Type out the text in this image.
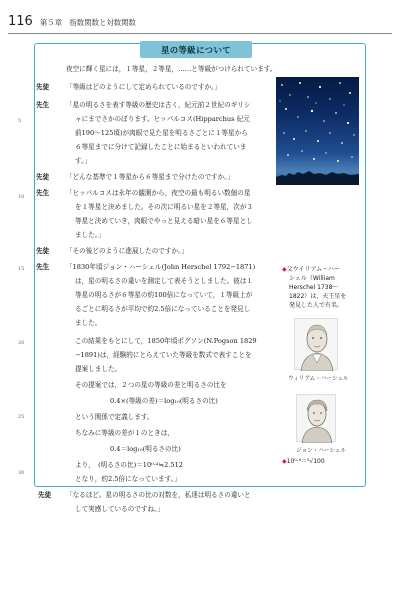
116 第５章　指数関数と対数関数
5
10
15
20
25
30
星の等級について
夜空に輝く星には，１等星，２等星，……と等級がつけられています。
先徒	「等級はどのようにして定められているのですか。」
先生	「星の明るさを表す等級の歴史は古く，紀元前２世紀のギリシ
ャにまでさかのぼります。ヒッパルコス(Hipparchus 紀元
前190〜125頃)が肉眼で見た星を明るさごとに１等星から
６等星までに分けて記録したことに始まるといわれていま
す。」
先徒	「どんな基準で１等星から６等星まで分けたのですか。」
先生	「ヒッパルコスは永年の観測から，夜空の最も明るい数個の星
を１等星と決めました。その次に明るい星を２等星，次が３
等星と決めていき，肉眼でやっと見える暗い星を６等星とし
ました。」
先徒	「その後どのように進展したのですか。」
先生	「1830年頃ジョン・ハーシェル(John Herschel 1792−1871)
は，星の明るさの違いを測定して表そうとしました。彼は１
等星の明るさが６等星の約100倍になっていて，１等級上が
るごとに明るさが平均で約2.5倍になっていることを発見し
ました。
この結果をもとにして，1850年頃ポグソン(N.Pogson 1829
−1891)は，経験的にとらえていた等級を数式で表すことを
提案しました。
その提案では，２つの星の等級の差と明るさの比を
0.4×(等級の差)＝log₁₀(明るさの比)
という関係で定義します。
ちなみに等級の差が１のときは，
0.4＝log₁₀(明るさの比)
より，　(明るさの比)＝10⁰·⁴≒2.512
となり，約2.5倍になっています。」
先徒 「なるほど。星の明るさの比の対数を，私達は明るさの違いと
して実感しているのですね。」
◆父ウイリアム・ハー
シェル（William
Herschel 1738〜
1822）は，天王星を
発見した人で有名。
ウィリアム・ハーシェル
ジョン・ハーシェル
◆10⁰·⁴＝⁵√100
